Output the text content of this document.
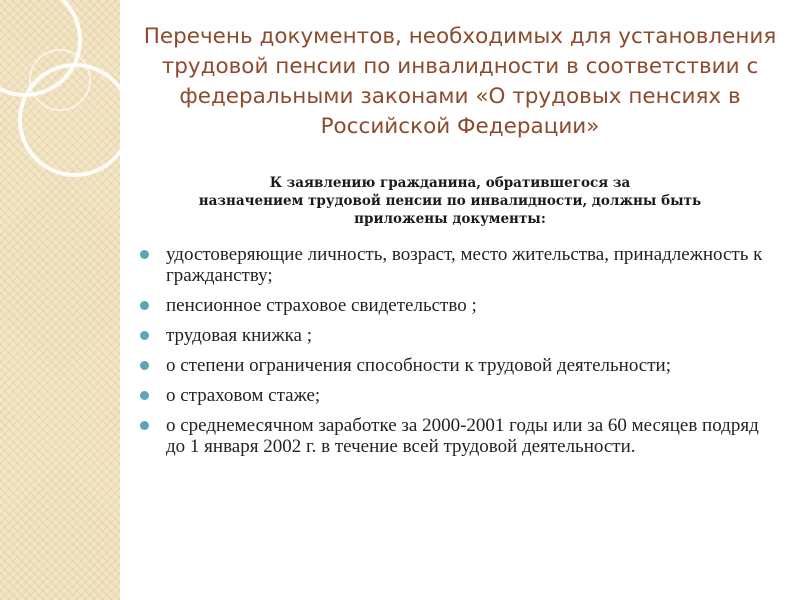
Перечень документов, необходимых для установления трудовой пенсии по инвалидности в соответствии с федеральными законами «О трудовых пенсиях в Российской Федерации»
К заявлению гражданина, обратившегося за
назначением трудовой пенсии по инвалидности, должны быть приложены документы:
удостоверяющие личность, возраст, место жительства, принадлежность к гражданству;
пенсионное страховое свидетельство ;
трудовая книжка ;
о степени ограничения способности к трудовой деятельности;
о страховом стаже;
о среднемесячном заработке за 2000-2001 годы или за 60 месяцев подряд до 1 января 2002 г. в течение всей трудовой деятельности.
